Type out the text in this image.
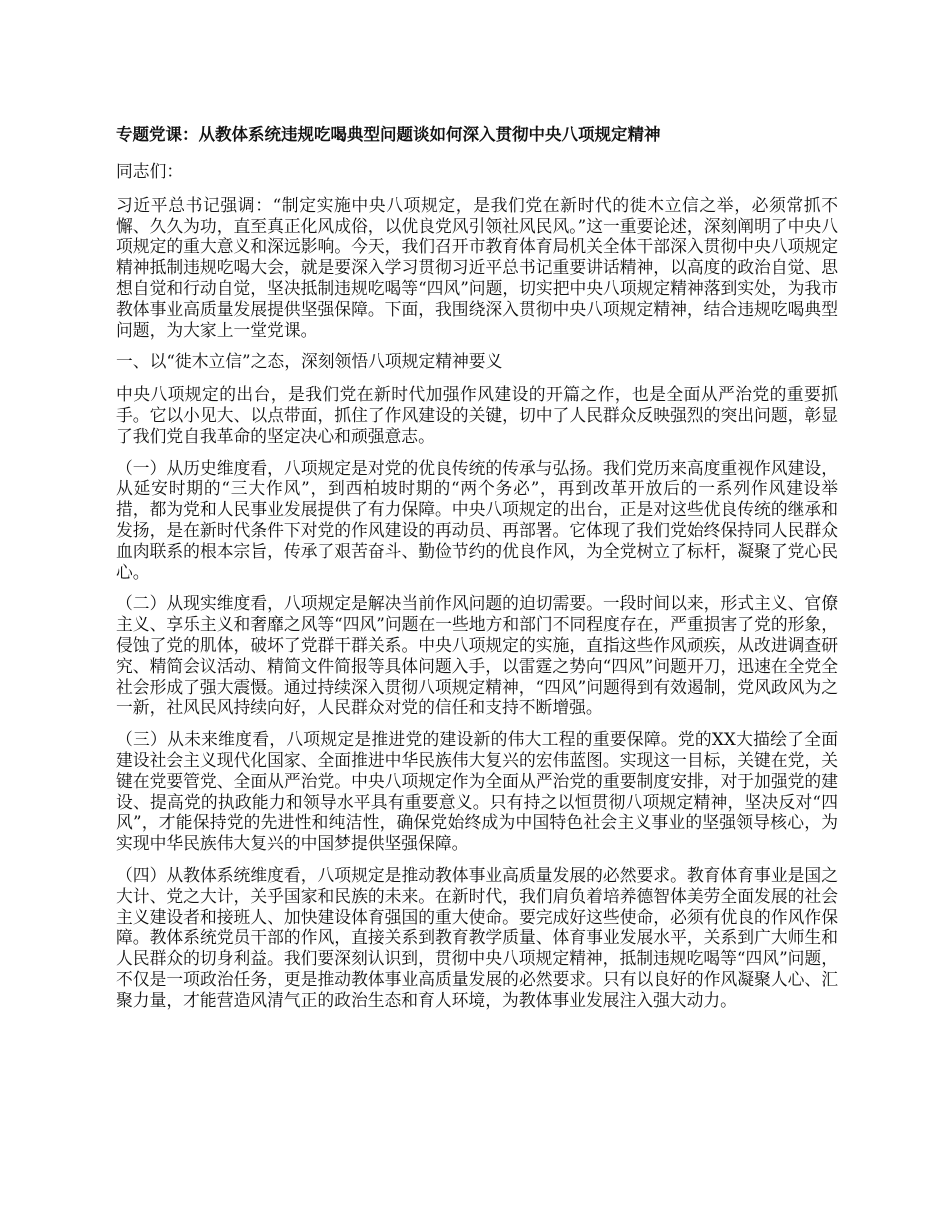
专题党课：从教体系统违规吃喝典型问题谈如何深入贯彻中央八项规定精神

同志们：

习近平总书记强调：“制定实施中央八项规定，是我们党在新时代的徙木立信之举，必须常抓不懈、久久为功，直至真正化风成俗，以优良党风引领社风民风。”这一重要论述，深刻阐明了中央八项规定的重大意义和深远影响。今天，我们召开市教育体育局机关全体干部深入贯彻中央八项规定精神抵制违规吃喝大会，就是要深入学习贯彻习近平总书记重要讲话精神，以高度的政治自觉、思想自觉和行动自觉，坚决抵制违规吃喝等“四风”问题，切实把中央八项规定精神落到实处，为我市教体事业高质量发展提供坚强保障。下面，我围绕深入贯彻中央八项规定精神，结合违规吃喝典型问题，为大家上一堂党课。

一、以“徙木立信”之态，深刻领悟八项规定精神要义

中央八项规定的出台，是我们党在新时代加强作风建设的开篇之作，也是全面从严治党的重要抓手。它以小见大、以点带面，抓住了作风建设的关键，切中了人民群众反映强烈的突出问题，彰显了我们党自我革命的坚定决心和顽强意志。

（一）从历史维度看，八项规定是对党的优良传统的传承与弘扬。我们党历来高度重视作风建设，从延安时期的“三大作风”，到西柏坡时期的“两个务必”，再到改革开放后的一系列作风建设举措，都为党和人民事业发展提供了有力保障。中央八项规定的出台，正是对这些优良传统的继承和发扬，是在新时代条件下对党的作风建设的再动员、再部署。它体现了我们党始终保持同人民群众血肉联系的根本宗旨，传承了艰苦奋斗、勤俭节约的优良作风，为全党树立了标杆，凝聚了党心民心。

（二）从现实维度看，八项规定是解决当前作风问题的迫切需要。一段时间以来，形式主义、官僚主义、享乐主义和奢靡之风等“四风”问题在一些地方和部门不同程度存在，严重损害了党的形象，侵蚀了党的肌体，破坏了党群干群关系。中央八项规定的实施，直指这些作风顽疾，从改进调查研究、精简会议活动、精简文件简报等具体问题入手，以雷霆之势向“四风”问题开刀，迅速在全党全社会形成了强大震慑。通过持续深入贯彻八项规定精神，“四风”问题得到有效遏制，党风政风为之一新，社风民风持续向好，人民群众对党的信任和支持不断增强。

（三）从未来维度看，八项规定是推进党的建设新的伟大工程的重要保障。党的XX大描绘了全面建设社会主义现代化国家、全面推进中华民族伟大复兴的宏伟蓝图。实现这一目标，关键在党，关键在党要管党、全面从严治党。中央八项规定作为全面从严治党的重要制度安排，对于加强党的建设、提高党的执政能力和领导水平具有重要意义。只有持之以恒贯彻八项规定精神，坚决反对“四风”，才能保持党的先进性和纯洁性，确保党始终成为中国特色社会主义事业的坚强领导核心，为实现中华民族伟大复兴的中国梦提供坚强保障。

（四）从教体系统维度看，八项规定是推动教体事业高质量发展的必然要求。教育体育事业是国之大计、党之大计，关乎国家和民族的未来。在新时代，我们肩负着培养德智体美劳全面发展的社会主义建设者和接班人、加快建设体育强国的重大使命。要完成好这些使命，必须有优良的作风作保障。教体系统党员干部的作风，直接关系到教育教学质量、体育事业发展水平，关系到广大师生和人民群众的切身利益。我们要深刻认识到，贯彻中央八项规定精神，抵制违规吃喝等“四风”问题，不仅是一项政治任务，更是推动教体事业高质量发展的必然要求。只有以良好的作风凝聚人心、汇聚力量，才能营造风清气正的政治生态和育人环境，为教体事业发展注入强大动力。
